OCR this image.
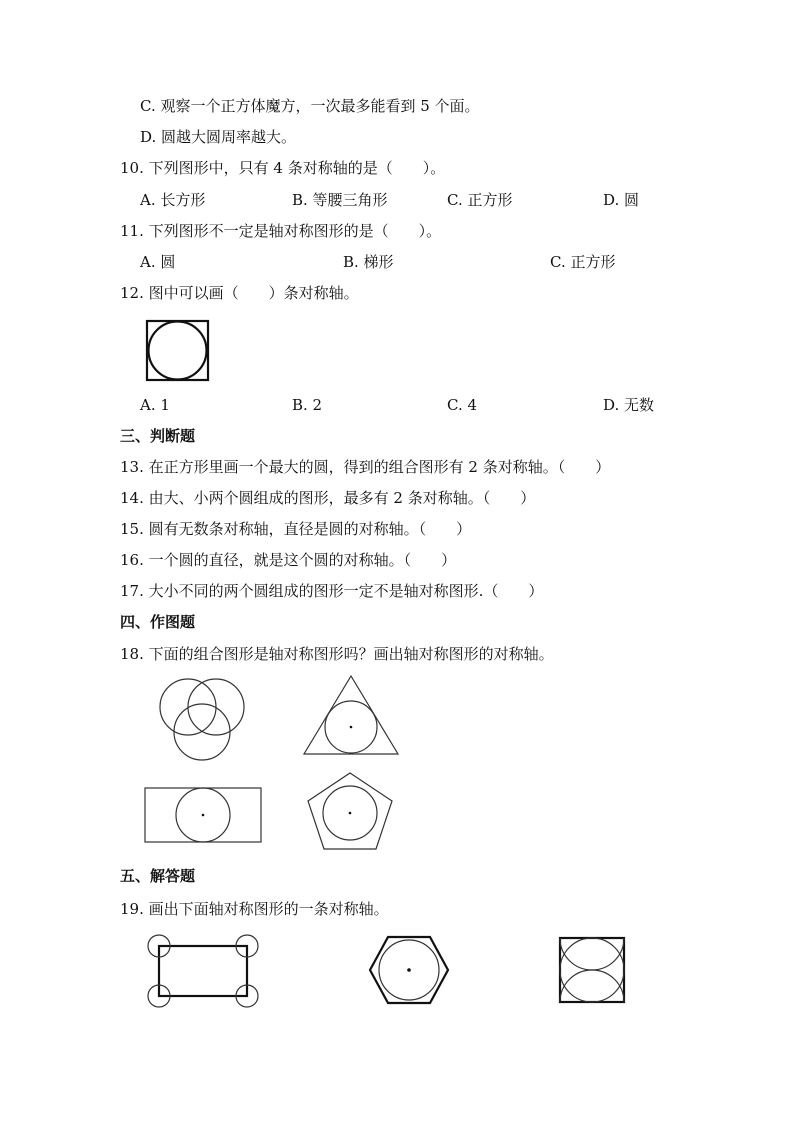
C. 观察一个正方体魔方，一次最多能看到 5 个面。
D. 圆越大圆周率越大。
10. 下列图形中，只有 4 条对称轴的是（　　）。
A. 长方形	B. 等腰三角形	C. 正方形	D. 圆
11. 下列图形不一定是轴对称图形的是（　　）。
A. 圆	B. 梯形	C. 正方形
12. 图中可以画（　　）条对称轴。
A. 1	B. 2	C. 4	D. 无数
三、判断题
13. 在正方形里画一个最大的圆，得到的组合图形有 2 条对称轴。（　　）
14. 由大、小两个圆组成的图形，最多有 2 条对称轴。（　　）
15. 圆有无数条对称轴，直径是圆的对称轴。（　　）
16. 一个圆的直径，就是这个圆的对称轴。（　　）
17. 大小不同的两个圆组成的图形一定不是轴对称图形.（　　）
四、作图题
18. 下面的组合图形是轴对称图形吗？画出轴对称图形的对称轴。
五、解答题
19. 画出下面轴对称图形的一条对称轴。
